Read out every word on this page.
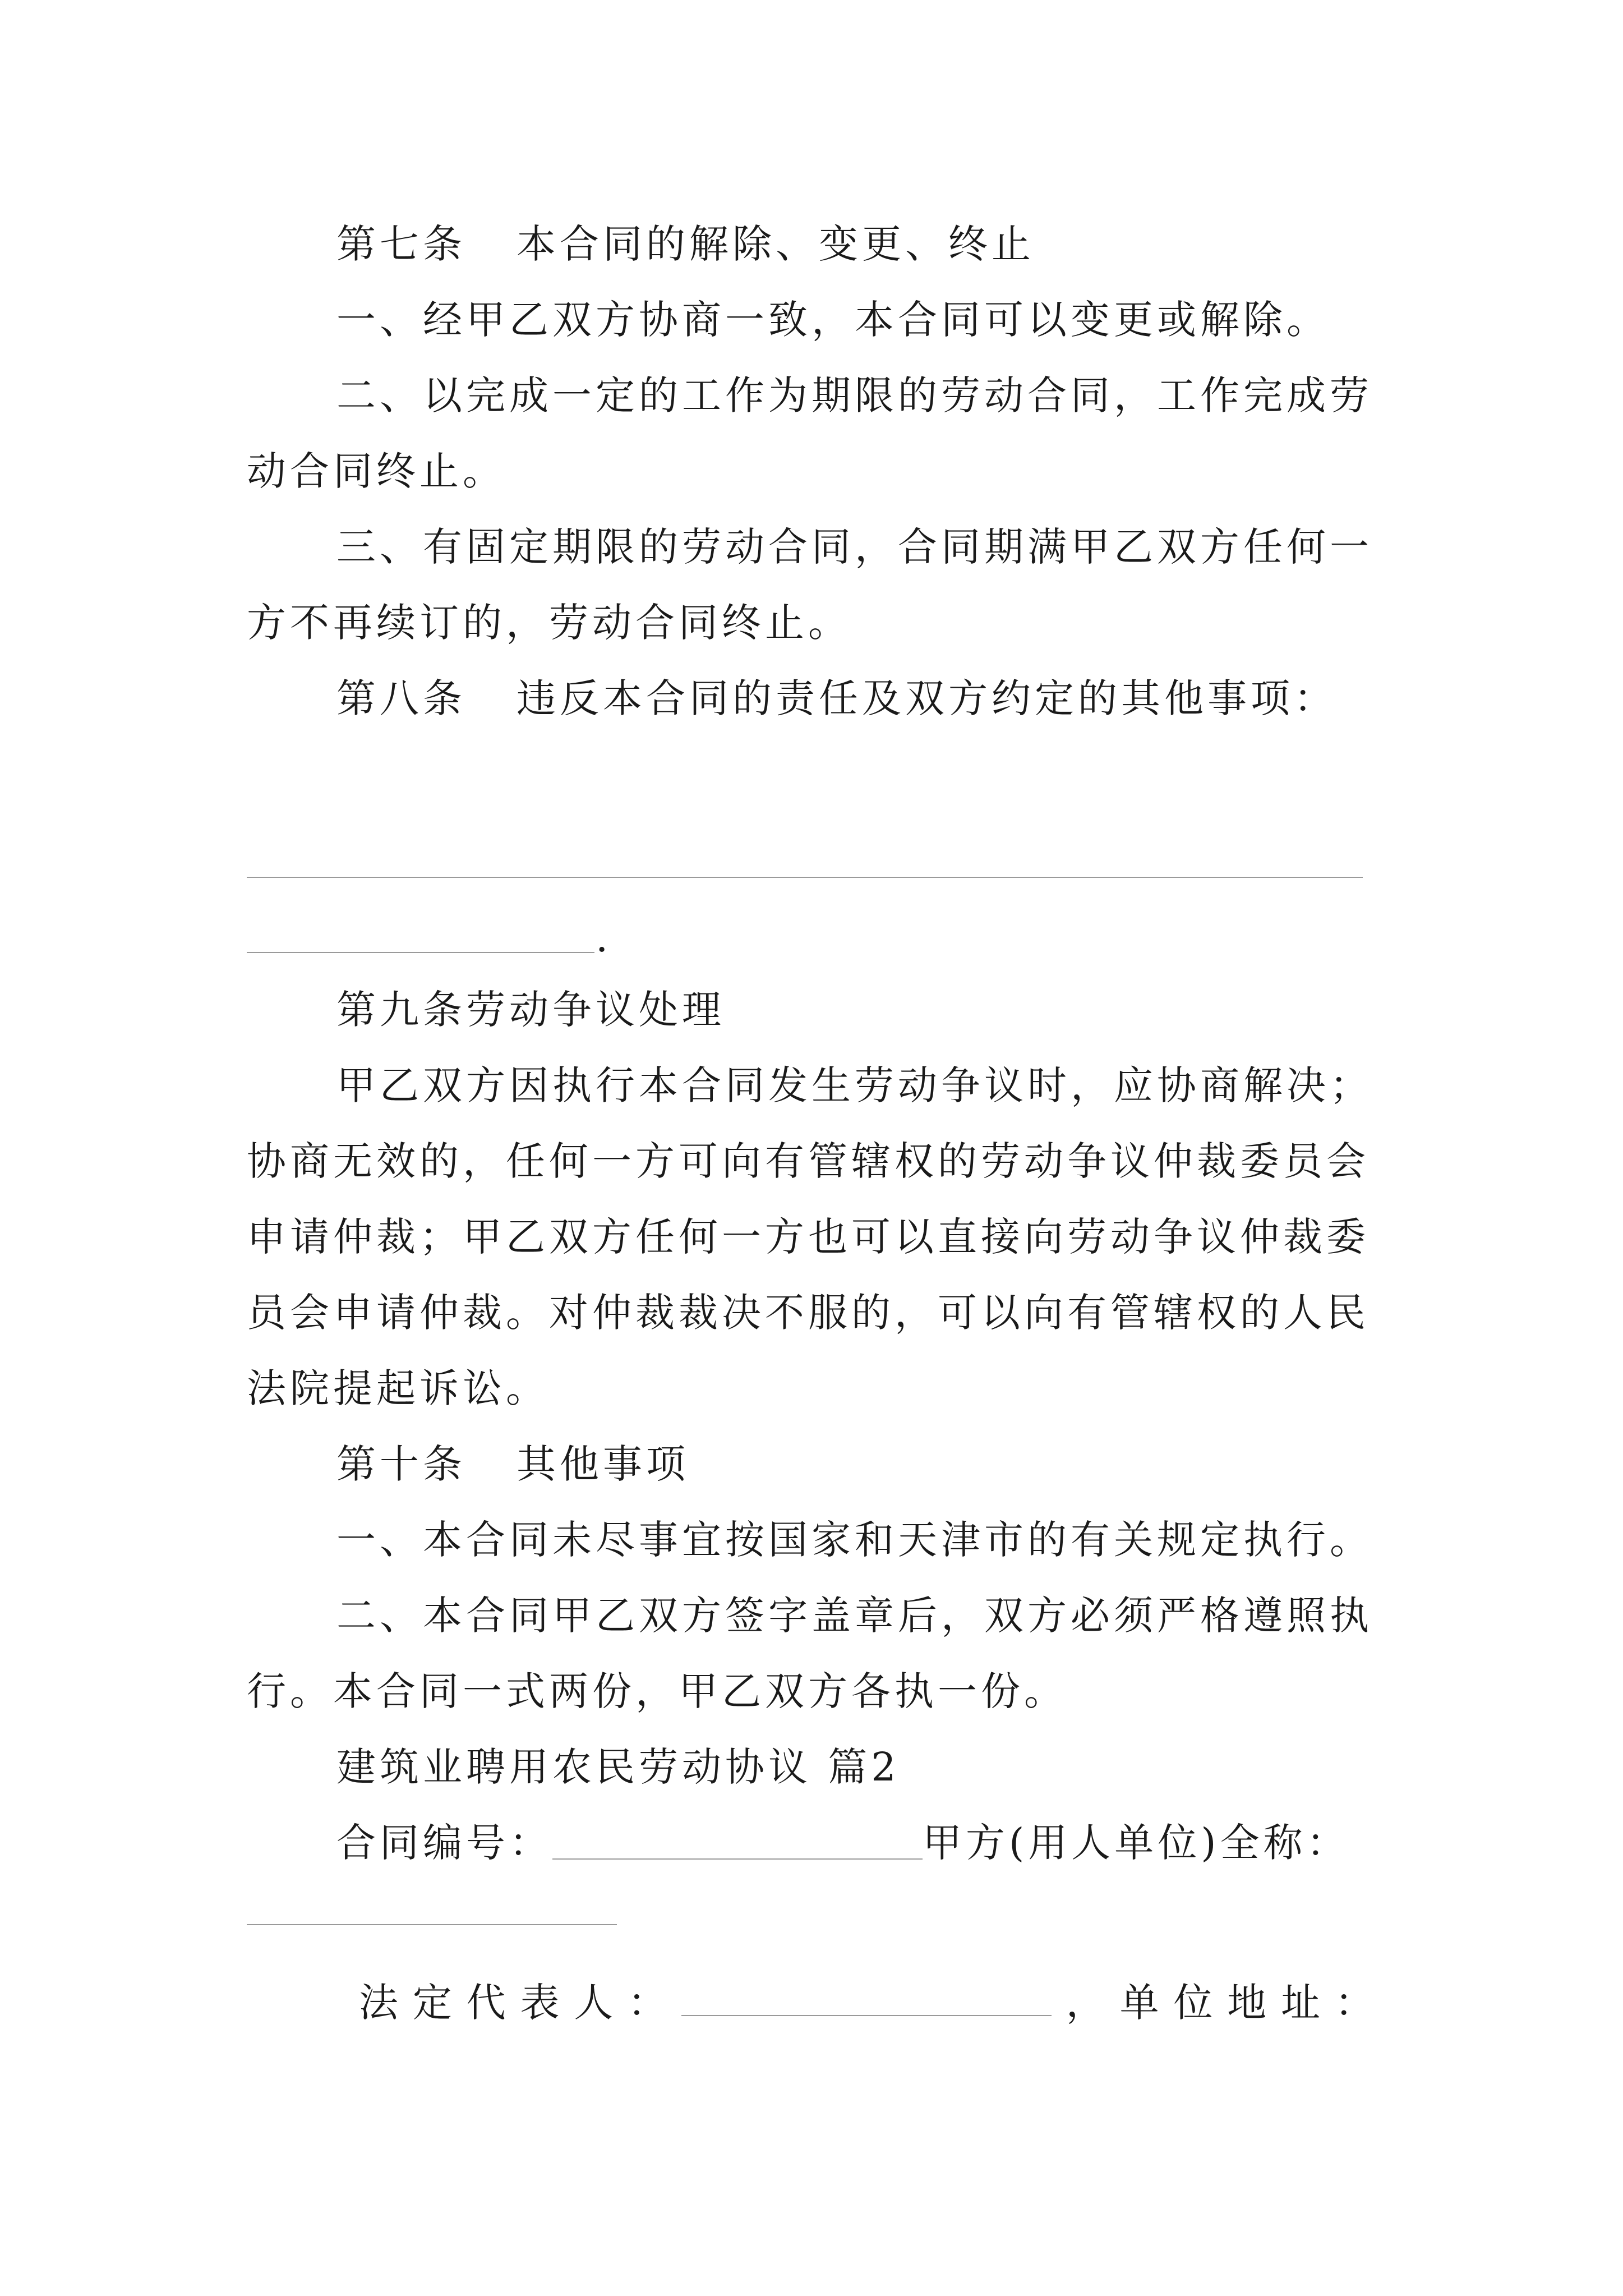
第七条 本合同的解除、变更、终止
一、经甲乙双方协商一致，本合同可以变更或解除。
二、以完成一定的工作为期限的劳动合同，工作完成劳
动合同终止。
三、有固定期限的劳动合同，合同期满甲乙双方任何一
方不再续订的，劳动合同终止。
第八条 违反本合同的责任及双方约定的其他事项：
.
第九条劳动争议处理
甲乙双方因执行本合同发生劳动争议时，应协商解决；
协商无效的，任何一方可向有管辖权的劳动争议仲裁委员会
申请仲裁；甲乙双方任何一方也可以直接向劳动争议仲裁委
员会申请仲裁。对仲裁裁决不服的，可以向有管辖权的人民
法院提起诉讼。
第十条 其他事项
一、本合同未尽事宜按国家和天津市的有关规定执行。
二、本合同甲乙双方签字盖章后，双方必须严格遵照执
行。本合同一式两份，甲乙双方各执一份。
建筑业聘用农民劳动协议 篇2
合同编号：	甲方(用人单位)全称：
法 定 代 表 人 ：	， 单 位 地 址 ：
